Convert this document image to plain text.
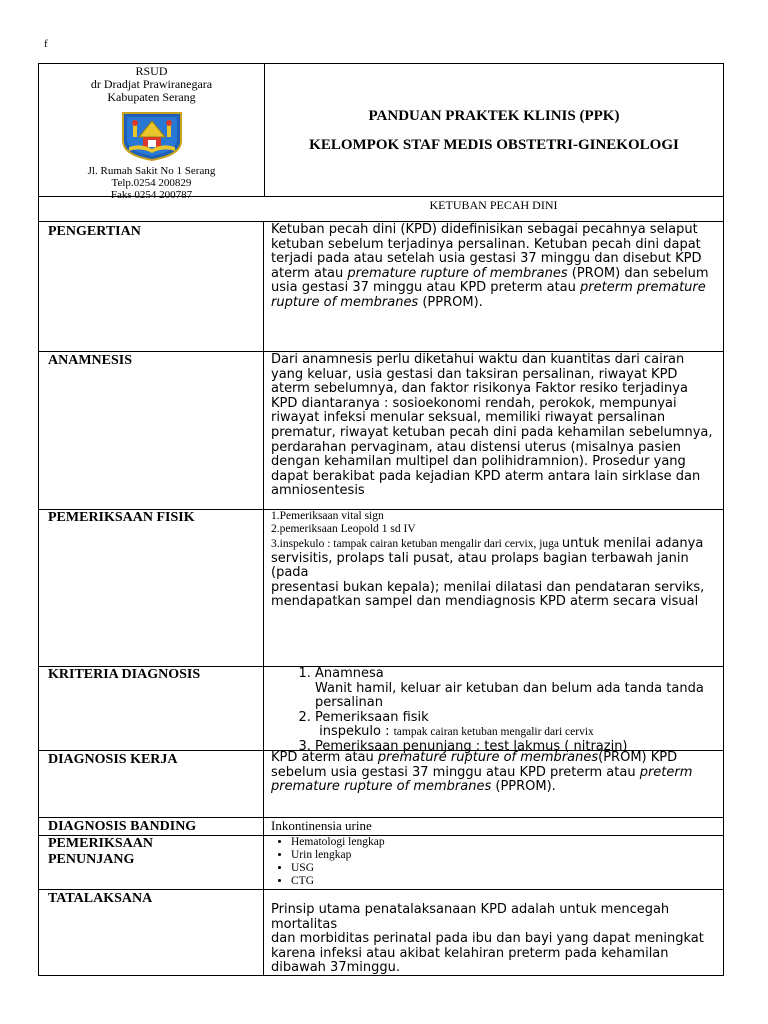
f
RSUD
dr Dradjat Prawiranegara
Kabupaten Serang
Jl. Rumah Sakit No 1 Serang
Telp.0254 200829
Faks 0254 200787
PANDUAN PRAKTEK KLINIS (PPK)
KELOMPOK STAF MEDIS OBSTETRI-GINEKOLOGI
KETUBAN PECAH DINI
PENGERTIAN	Ketuban pecah dini (KPD) didefinisikan sebagai pecahnya selaput ketuban sebelum terjadinya persalinan. Ketuban pecah dini dapat terjadi pada atau setelah usia gestasi 37 minggu dan disebut KPD aterm atau premature rupture of membranes (PROM) dan sebelum usia gestasi 37 minggu atau KPD preterm atau preterm premature rupture of membranes (PPROM).
ANAMNESIS	Dari anamnesis perlu diketahui waktu dan kuantitas dari cairan yang keluar, usia gestasi dan taksiran persalinan, riwayat KPD aterm sebelumnya, dan faktor risikonya Faktor resiko terjadinya KPD diantaranya : sosioekonomi rendah, perokok, mempunyai riwayat infeksi menular seksual, memiliki riwayat persalinan prematur, riwayat ketuban pecah dini pada kehamilan sebelumnya, perdarahan pervaginam, atau distensi uterus (misalnya pasien dengan kehamilan multipel dan polihidramnion). Prosedur yang dapat berakibat pada kejadian KPD aterm antara lain sirklase dan amniosentesis
PEMERIKSAAN FISIK	1.Pemeriksaan vital sign
2.pemeriksaan Leopold 1 sd IV
3.inspekulo : tampak cairan ketuban mengalir dari cervix, juga untuk menilai adanya
servisitis, prolaps tali pusat, atau prolaps bagian terbawah janin (pada
presentasi bukan kepala); menilai dilatasi dan pendataran serviks,
mendapatkan sampel dan mendiagnosis KPD aterm secara visual
KRITERIA DIAGNOSIS
1.	Anamnesa
Wanit hamil, keluar air ketuban dan belum ada tanda tanda persalinan
2. Pemeriksaan fisik
inspekulo : tampak cairan ketuban mengalir dari cervix
3. Pemeriksaan penunjang : test lakmus ( nitrazin)
DIAGNOSIS KERJA	KPD aterm atau premature rupture of membranes(PROM) KPD sebelum usia gestasi 37 minggu atau KPD preterm atau preterm
premature rupture of membranes (PPROM).
DIAGNOSIS BANDING	Inkontinensia urine
PEMERIKSAAN
PENUNJANG
• Hematologi lengkap
• Urin lengkap
• USG
• CTG
TATALAKSANA
Prinsip utama penatalaksanaan KPD adalah untuk mencegah mortalitas
dan morbiditas perinatal pada ibu dan bayi yang dapat meningkat karena infeksi atau akibat kelahiran preterm pada kehamilan dibawah 37minggu.
